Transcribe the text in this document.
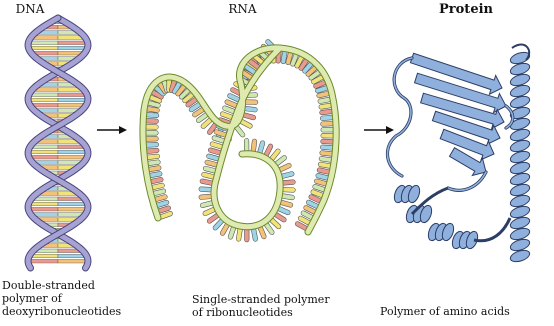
DNA
Double-stranded
polymer of
deoxyribonucleotides
RNA
Single-stranded polymer
of ribonucleotides
Protein
Polymer of amino acids
